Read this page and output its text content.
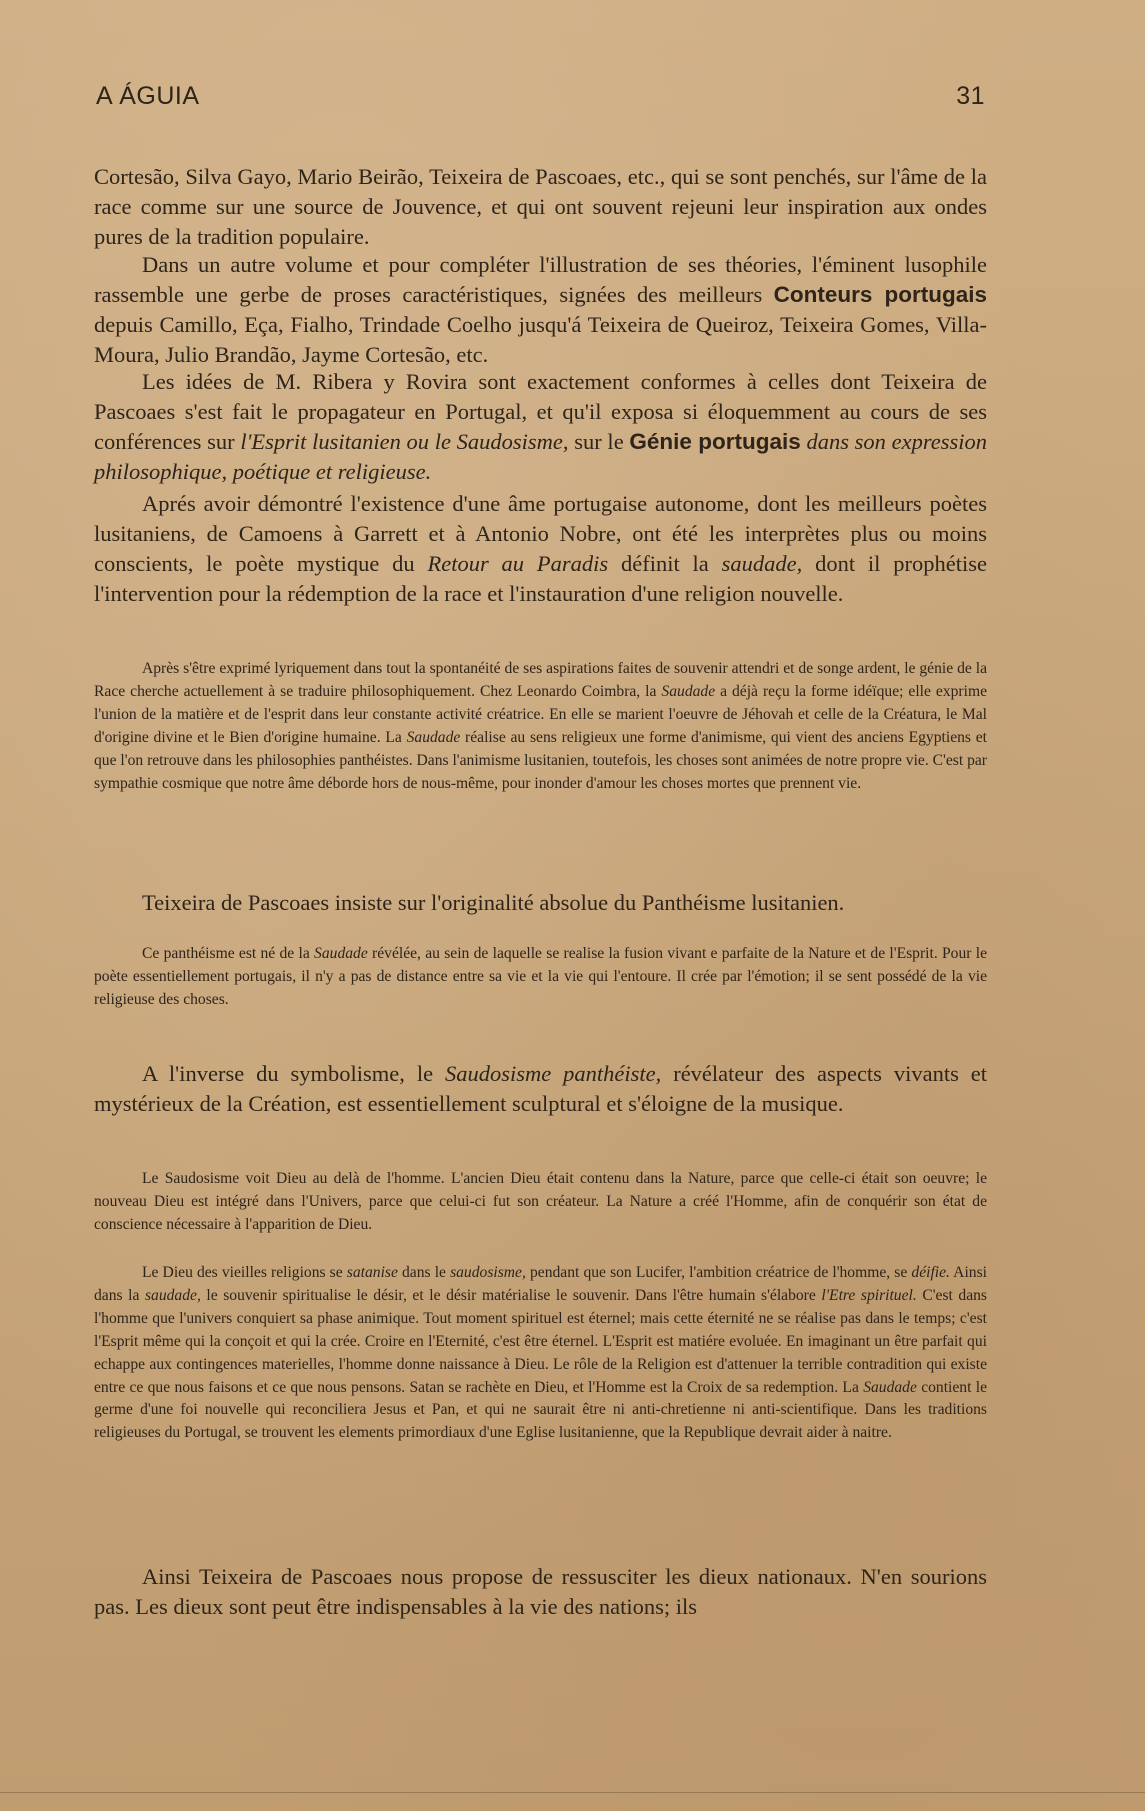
A ÁGUIA	31

Cortesão, Silva Gayo, Mario Beirão, Teixeira de Pascoaes, etc., qui se sont penchés, sur l'âme de la race comme sur une source de Jouvence, et qui ont souvent rejeuni leur inspiration aux ondes pures de la tradition populaire.

Dans un autre volume et pour compléter l'illustration de ses théories, l'éminent lusophile rassemble une gerbe de proses caractéristiques, signées des meilleurs Conteurs portugais depuis Camillo, Eça, Fialho, Trindade Coelho jusqu'á Teixeira de Queiroz, Teixeira Gomes, Villa-Moura, Julio Brandão, Jayme Cortesão, etc.

Les idées de M. Ribera y Rovira sont exactement conformes à celles dont Teixeira de Pascoaes s'est fait le propagateur en Portugal, et qu'il exposa si éloquemment au cours de ses conférences sur l'Esprit lusitanien ou le Saudosisme, sur le Génie portugais dans son expression philosophique, poétique et religieuse.

Aprés avoir démontré l'existence d'une âme portugaise autonome, dont les meilleurs poètes lusitaniens, de Camoens à Garrett et à Antonio Nobre, ont été les interprètes plus ou moins conscients, le poète mystique du Retour au Paradis définit la saudade, dont il prophétise l'intervention pour la rédemption de la race et l'instauration d'une religion nouvelle.

Après s'être exprimé lyriquement dans tout la spontanéité de ses aspirations faites de souvenir attendri et de songe ardent, le génie de la Race cherche actuellement à se traduire philosophiquement. Chez Leonardo Coimbra, la Saudade a déjà reçu la forme idéïque; elle exprime l'union de la matière et de l'esprit dans leur constante activité créatrice. En elle se marient l'oeuvre de Jéhovah et celle de la Créatura, le Mal d'origine divine et le Bien d'origine humaine. La Saudade réalise au sens religieux une forme d'animisme, qui vient des anciens Egyptiens et que l'on retrouve dans les philosophies panthéistes. Dans l'animisme lusitanien, toutefois, les choses sont animées de notre propre vie. C'est par sympathie cosmique que notre âme déborde hors de nous-même, pour inonder d'amour les choses mortes que prennent vie.

Teixeira de Pascoaes insiste sur l'originalité absolue du Panthéisme lusitanien.

Ce panthéisme est né de la Saudade révélée, au sein de laquelle se realise la fusion vivant e parfaite de la Nature et de l'Esprit. Pour le poète essentiellement portugais, il n'y a pas de distance entre sa vie et la vie qui l'entoure. Il crée par l'émotion; il se sent possédé de la vie religieuse des choses.

A l'inverse du symbolisme, le Saudosisme panthéiste, révélateur des aspects vivants et mystérieux de la Création, est essentiellement sculptural et s'éloigne de la musique.

Le Saudosisme voit Dieu au delà de l'homme. L'ancien Dieu était contenu dans la Nature, parce que celle-ci était son oeuvre; le nouveau Dieu est intégré dans l'Univers, parce que celui-ci fut son créateur. La Nature a créé l'Homme, afin de conquérir son état de conscience nécessaire à l'apparition de Dieu.

Le Dieu des vieilles religions se satanise dans le saudosisme, pendant que son Lucifer, l'ambition créatrice de l'homme, se déifie. Ainsi dans la saudade, le souvenir spiritualise le désir, et le désir matérialise le souvenir. Dans l'être humain s'élabore l'Etre spirituel. C'est dans l'homme que l'univers conquiert sa phase animique. Tout moment spirituel est éternel; mais cette éternité ne se réalise pas dans le temps; c'est l'Esprit même qui la conçoit et qui la crée. Croire en l'Eternité, c'est être éternel. L'Esprit est matiére evoluée. En imaginant un être parfait qui echappe aux contingences materielles, l'homme donne naissance à Dieu. Le rôle de la Religion est d'attenuer la terrible contradition qui existe entre ce que nous faisons et ce que nous pensons. Satan se rachète en Dieu, et l'Homme est la Croix de sa redemption. La Saudade contient le germe d'une foi nouvelle qui reconciliera Jesus et Pan, et qui ne saurait être ni anti-chretienne ni anti-scientifique. Dans les traditions religieuses du Portugal, se trouvent les elements primordiaux d'une Eglise lusitanienne, que la Republique devrait aider à naitre.

Ainsi Teixeira de Pascoaes nous propose de ressusciter les dieux nationaux. N'en sourions pas. Les dieux sont peut être indispensables à la vie des nations; ils
